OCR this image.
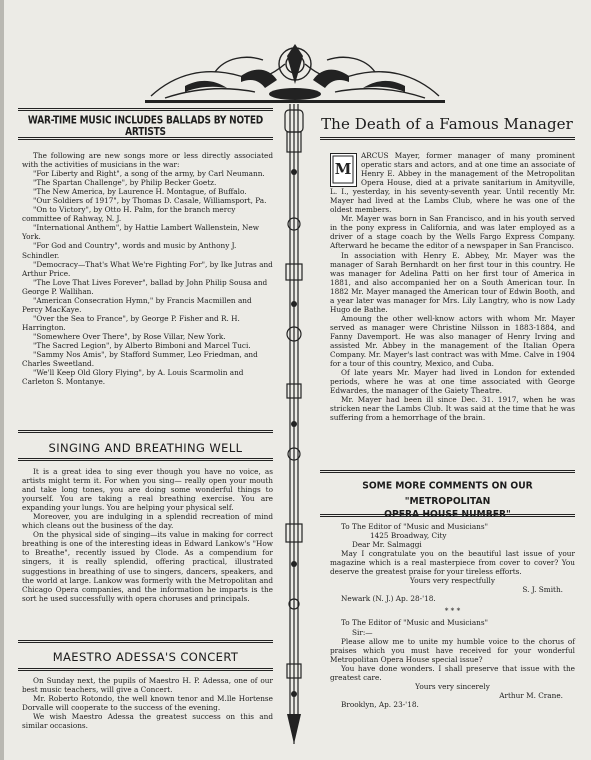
WAR-TIME MUSIC INCLUDES BALLADS BY NOTED ARTISTS

The following are new songs more or less directly associated with the activities of musicians in the war:

"For Liberty and Right", a song of the army, by Carl Neumann.

"The Spartan Challenge", by Philip Becker Goetz.

"The New America, by Laurence H. Montague, of Buffalo.

"Our Soldiers of 1917", by Thomas D. Casale, Williamsport, Pa.

"On to Victory", by Otto H. Palm, for the branch mercy committee of Rahway, N. J.

"International Anthem", by Hattie Lambert Wallenstein, New York.

"For God and Country", words and music by Anthony J. Schindler.

"Democracy—That's What We're Fighting For", by Ike Jutras and Arthur Price.

"The Love That Lives Forever", ballad by John Philip Sousa and George P. Wallihan.

"American Consecration Hymn," by Francis Macmillen and Percy MacKaye.

"Over the Sea to France", by George P. Fisher and R. H. Harrington.

"Somewhere Over There", by Rose Villar, New York.

"The Sacred Legion", by Alberto Bimboni and Marcel Tuci.

"Sammy Nos Amis", by Stafford Summer, Leo Friedman, and Charles Sweetland.

"We'll Keep Old Glory Flying", by A. Louis Scarmolin and Carleton S. Montanye.

SINGING AND BREATHING WELL

It is a great idea to sing ever though you have no voice, as artists might term it. For when you sing— really open your mouth and take long tones, you are doing some wonderful things to yourself. You are taking a real breathing exercise. You are expanding your lungs. You are helping your physical self.

Moreover, you are indulging in a splendid recreation of mind which cleans out the business of the day.

On the physical side of singing—its value in making for correct breathing is one of the interesting ideas in Edward Lankow's "How to Breathe", recently issued by Clode. As a compendium for singers, it is really splendid, offering practical, illustrated suggestions in breathing of use to singers, dancers, speakers, and the world at large. Lankow was formerly with the Metropolitan and Chicago Opera companies, and the information he imparts is the sort he used successfully with opera choruses and principals.

MAESTRO ADESSA'S CONCERT

On Sunday next, the pupils of Maestro H. P. Adessa, one of our best music teachers, will give a Concert.

Mr. Roberto Rotondo, the well known tenor and M.lle Hortense Dorvalle will cooperate to the success of the evening.

We wish Maestro Adessa the greatest success on this and similar occasions.

The Death of a Famous Manager

M
ARCUS Mayer, former manager of many prominent operatic stars and actors, and at one time an associate of Henry E. Abbey in the management of the Metropolitan Opera House, died at a private sanitarium in Amityville, L. I., yesterday, in his seventy-seventh year. Until recently Mr. Mayer had lived at the Lambs Club, where he was one of the oldest members.

Mr. Mayer was born in San Francisco, and in his youth served in the pony express in California, and was later employed as a driver of a stage coach by the Wells Fargo Express Company. Afterward he became the editor of a newspaper in San Francisco.

In association with Henry E. Abbey, Mr. Mayer was the manager of Sarah Bernhardt on her first tour in this country. He was manager for Adelina Patti on her first tour of America in 1881, and also accompanied her on a South American tour. In 1882 Mr. Mayer managed the American tour of Edwin Booth, and a year later was manager for Mrs. Lily Langtry, who is now Lady Hugo de Bathe.

Amoung the other well-know actors with whom Mr. Mayer served as manager were Christine Nilsson in 1883-1884, and Fanny Davemport. He was also manager of Henry Irving and assisted Mr. Abbey in the management of the Italian Opera Company. Mr. Mayer's last contract was with Mme. Calve in 1904 for a tour of this country, Mexico, and Cuba.

Of late years Mr. Mayer had lived in London for extended periods, where he was at one time associated with George Edwardes, the manager of the Gaiety Theatre.

Mr. Mayer had been ill since Dec. 31. 1917, when he was stricken near the Lambs Club. It was said at the time that he was suffering from a hemorrhage of the brain.

SOME MORE COMMENTS ON OUR "METROPOLITAN
OPERA HOUSE NUMBER"

To The Editor of "Music and Musicians"

1425 Broadway, City

Dear Mr. Salmaggi

May I congratulate you on the beautiful last issue of your magazine which is a real masterpiece from cover to cover? You deserve the greatest praise for your tireless efforts.

Yours very respectfully

S. J. Smith.

Newark (N. J.) Ap. 28-'18.

* * *

To The Editor of "Music and Musicians"

Sir:—

Please allow me to unite my humble voice to the chorus of praises which you must have received for your wonderful Metropolitan Opera House special issue?

You have done wonders. I shall preserve that issue with the greatest care.

Yours very sincerely

Arthur M. Crane.

Brooklyn, Ap. 23-'18.
